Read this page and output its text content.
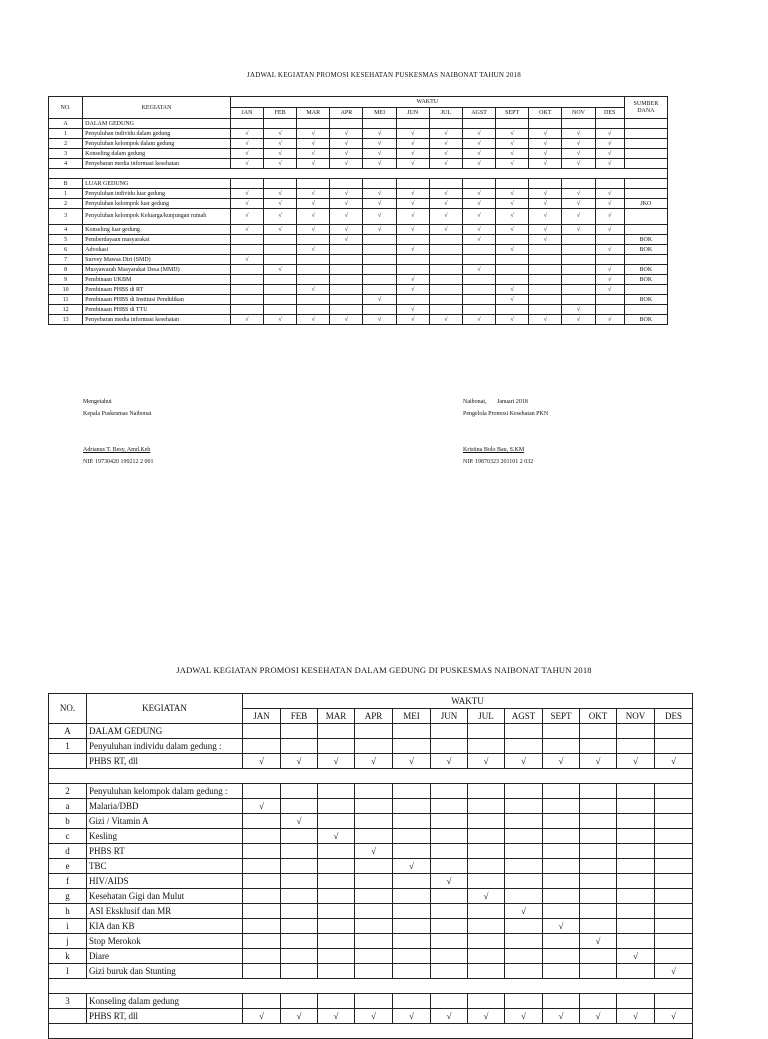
JADWAL KEGIATAN PROMOSI KESEHATAN PUSKESMAS NAIBONAT TAHUN 2018
NO.	KEGIATAN	WAKTU												SUMBER DANA
		JAN	FEB	MAR	APR	MEI	JUN	JUL	AGST	SEPT	OKT	NOV	DES	
A	DALAM GEDUNG													
1	Penyuluhan individu dalam gedung	√	√	√	√	√	√	√	√	√	√	√	√	
2	Penyuluhan kelompok dalam gedung	√	√	√	√	√	√	√	√	√	√	√	√	
3	Konseling dalam gedung	√	√	√	√	√	√	√	√	√	√	√	√	
4	Penyebaran media informasi kesehatan	√	√	√	√	√	√	√	√	√	√	√	√	

B	LUAR GEDUNG													
1	Penyuluhan individu luar gedung	√	√	√	√	√	√	√	√	√	√	√	√	
2	Penyuluhan kelompok luar gedung	√	√	√	√	√	√	√	√	√	√	√	√	JKO
3	Penyuluhan kelompok Keluarga/kunjungan rumah	√	√	√	√	√	√	√	√	√	√	√	√	
4	Konseling luar gedung	√	√	√	√	√	√	√	√	√	√	√	√	
5	Pemberdayaan masyarakat				√				√		√			BOK
6	Advokasi			√			√			√			√	BOK
7	Survey Mawas Diri (SMD)	√												
8	Musyawarah Masyarakat Desa (MMD)		√						√				√	BOK
9	Pembinaan UKBM						√						√	BOK
10	Pembinaan PHBS di RT			√			√			√			√	
11	Pembinaan PHBS di Institusi Pendidikan					√				√				BOK
12	Pembinaan PHBS di TTU						√					√		
13	Penyebaran media informasi kesehatan	√	√	√	√	√	√	√	√	√	√	√	√	BOK
Mengetahui
Kepala Puskesmas Naibonat

Adrianus T. Besy, Amd.Keb
NIP. 19730420 199212 2 001
Naibonat,       Januari 2018
Pengelola Promosi Kesehatan PKN

Kristina Bolo Bau, S.KM
NIP. 19870323 201101 2 032
JADWAL KEGIATAN PROMOSI KESEHATAN DALAM GEDUNG DI PUSKESMAS NAIBONAT TAHUN 2018
NO.	KEGIATAN	WAKTU											
		JAN	FEB	MAR	APR	MEI	JUN	JUL	AGST	SEPT	OKT	NOV	DES
A	DALAM GEDUNG												
1	Penyuluhan individu dalam gedung :												
	PHBS RT, dll	√	√	√	√	√	√	√	√	√	√	√	√

2	Penyuluhan kelompok dalam gedung :												
a	Malaria/DBD	√											
b	Gizi / Vitamin A		√										
c	Kesling			√									
d	PHBS RT				√								
e	TBC					√							
f	HIV/AIDS						√						
g	Kesehatan Gigi dan Mulut							√					
h	ASI Eksklusif dan MR								√				
i	KIA dan KB									√			
j	Stop Merokok										√		
k	Diare											√	
l	Gizi buruk dan Stunting												√

3	Konseling dalam gedung												
	PHBS RT, dll	√	√	√	√	√	√	√	√	√	√	√	√
